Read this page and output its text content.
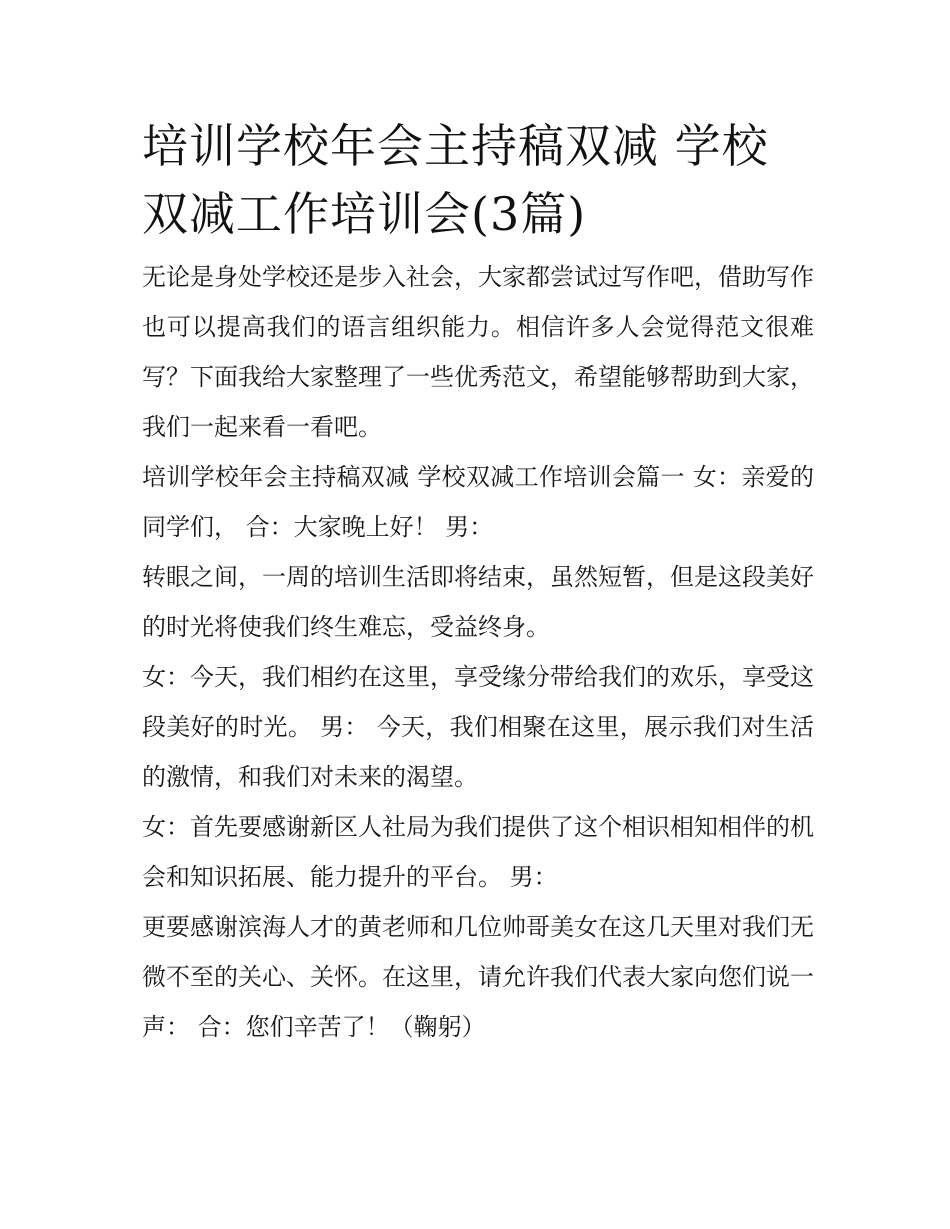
培训学校年会主持稿双减 学校双减工作培训会(3篇)

无论是身处学校还是步入社会，大家都尝试过写作吧，借助写作也可以提高我们的语言组织能力。相信许多人会觉得范文很难写？下面我给大家整理了一些优秀范文，希望能够帮助到大家，我们一起来看一看吧。

培训学校年会主持稿双减 学校双减工作培训会篇一 女：亲爱的同学们， 合：大家晚上好！ 男：

转眼之间，一周的培训生活即将结束，虽然短暂，但是这段美好的时光将使我们终生难忘，受益终身。

女：今天，我们相约在这里，享受缘分带给我们的欢乐，享受这段美好的时光。 男： 今天，我们相聚在这里，展示我们对生活的激情，和我们对未来的渴望。

女：首先要感谢新区人社局为我们提供了这个相识相知相伴的机会和知识拓展、能力提升的平台。 男：

更要感谢滨海人才的黄老师和几位帅哥美女在这几天里对我们无微不至的关心、关怀。在这里，请允许我们代表大家向您们说一声： 合：您们辛苦了！（鞠躬）
